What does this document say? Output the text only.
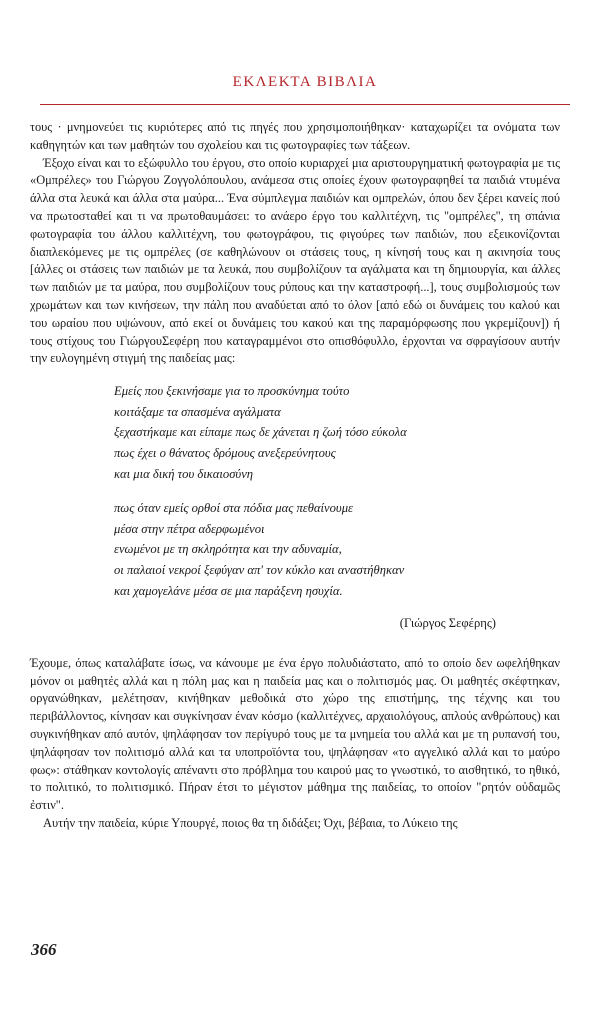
ΕΚΛΕΚΤΑ ΒΙΒΛΙΑ

τους · μνημονεύει τις κυριότερες από τις πηγές που χρησιμοποιήθηκαν· καταχωρίζει τα ονόματα των καθηγητών και των μαθητών του σχολείου και τις φωτογραφίες των τάξεων.

Έξοχο είναι και το εξώφυλλο του έργου, στο οποίο κυριαρχεί μια αριστουργηματική φωτογραφία με τις «Ομπρέλες» του Γιώργου Ζογγολόπουλου, ανάμεσα στις οποίες έχουν φωτογραφηθεί τα παιδιά ντυμένα άλλα στα λευκά και άλλα στα μαύρα... Ένα σύμπλεγμα παιδιών και ομπρελών, όπου δεν ξέρει κανείς πού να πρωτοσταθεί και τι να πρωτοθαυμάσει: το ανάερο έργο του καλλιτέχνη, τις "ομπρέλες", τη σπάνια φωτογραφία του άλλου καλλιτέχνη, του φωτογράφου, τις φιγούρες των παιδιών, που εξεικονίζονται διαπλεκόμενες με τις ομπρέλες (σε καθηλώνουν οι στάσεις τους, η κίνησή τους και η ακινησία τους [άλλες οι στάσεις των παιδιών με τα λευκά, που συμβολίζουν τα αγάλματα και τη δημιουργία, και άλλες των παιδιών με τα μαύρα, που συμβολίζουν τους ρύπους και την καταστροφή...], τους συμβολισμούς των χρωμάτων και των κινήσεων, την πάλη που αναδύεται από το όλον [από εδώ οι δυνάμεις του καλού και του ωραίου που υψώνουν, από εκεί οι δυνάμεις του κακού και της παραμόρφωσης που γκρεμίζουν]) ή τους στίχους του ΓιώργουΣεφέρη που καταγραμμένοι στο οπισθόφυλλο, έρχονται να σφραγίσουν αυτήν την ευλογημένη στιγμή της παιδείας μας:

Εμείς που ξεκινήσαμε για το προσκύνημα τούτο
κοιτάξαμε τα σπασμένα αγάλματα
ξεχαστήκαμε και είπαμε πως δε χάνεται η ζωή τόσο εύκολα
πως έχει ο θάνατος δρόμους ανεξερεύνητους
και μια δική του δικαιοσύνη
πως όταν εμείς ορθοί στα πόδια μας πεθαίνουμε
μέσα στην πέτρα αδερφωμένοι
ενωμένοι με τη σκληρότητα και την αδυναμία,
οι παλαιοί νεκροί ξεφύγαν απ' τον κύκλο και αναστήθηκαν
και χαμογελάνε μέσα σε μια παράξενη ησυχία.
(Γιώργος Σεφέρης)

Έχουμε, όπως καταλάβατε ίσως, να κάνουμε με ένα έργο πολυδιάστατο, από το οποίο δεν ωφελήθηκαν μόνον οι μαθητές αλλά και η πόλη μας και η παιδεία μας και ο πολιτισμός μας. Οι μαθητές σκέφτηκαν, οργανώθηκαν, μελέτησαν, κινήθηκαν μεθοδικά στο χώρο της επιστήμης, της τέχνης και του περιβάλλοντος, κίνησαν και συγκίνησαν έναν κόσμο (καλλιτέχνες, αρχαιολόγους, απλούς ανθρώπους) και συγκινήθηκαν από αυτόν, ψηλάφησαν τον περίγυρό τους με τα μνημεία του αλλά και με τη ρυπανσή του, ψηλάφησαν τον πολιτισμό αλλά και τα υποπροϊόντα του, ψηλάφησαν «το αγγελικό αλλά και το μαύρο φως»: στάθηκαν κοντολογίς απέναντι στο πρόβλημα του καιρού μας το γνωστικό, το αισθητικό, το ηθικό, το πολιτικό, το πολιτισμικό. Πήραν έτσι το μέγιστον μάθημα της παιδείας, το οποίον "ρητόν οὐδαμῶς ἐστιν".

Αυτήν την παιδεία, κύριε Υπουργέ, ποιος θα τη διδάξει; Όχι, βέβαια, το Λύκειο της

366
